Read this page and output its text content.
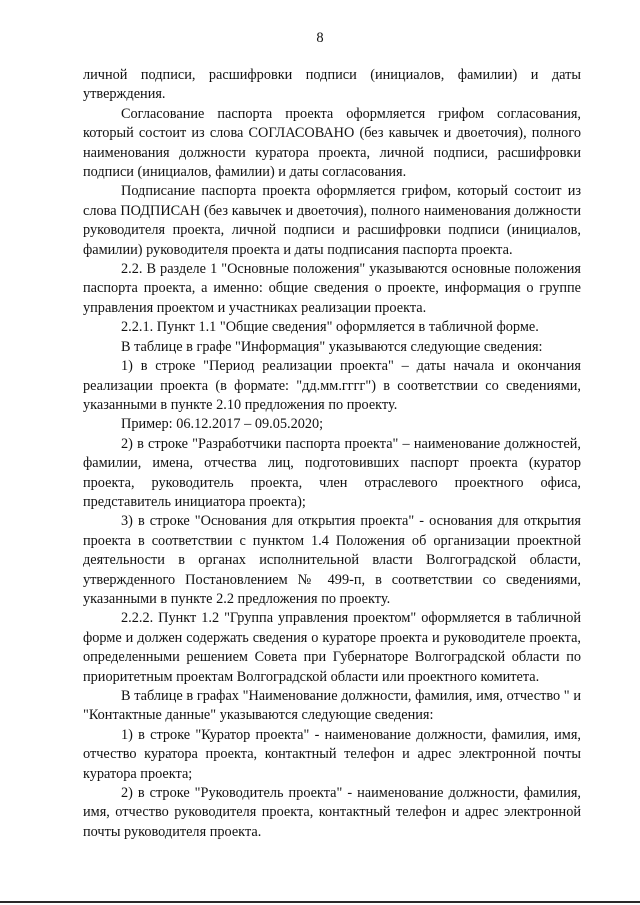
8

личной подписи, расшифровки подписи (инициалов, фамилии) и даты утверждения.

Согласование паспорта проекта оформляется грифом согласования, который состоит из слова СОГЛАСОВАНО (без кавычек и двоеточия), полного наименования должности куратора проекта, личной подписи, расшифровки подписи (инициалов, фамилии) и даты согласования.

Подписание паспорта проекта оформляется грифом, который состоит из слова ПОДПИСАН (без кавычек и двоеточия), полного наименования должности руководителя проекта, личной подписи и расшифровки подписи (инициалов, фамилии) руководителя проекта и даты подписания паспорта проекта.

2.2. В разделе 1 "Основные положения" указываются основные положения паспорта проекта, а именно: общие сведения о проекте, информация о группе управления проектом и участниках реализации проекта.

2.2.1. Пункт 1.1 "Общие сведения" оформляется в табличной форме.

В таблице в графе "Информация" указываются следующие сведения:

1) в строке "Период реализации проекта" – даты начала и окончания реализации проекта (в формате: "дд.мм.гггг") в соответствии со сведениями, указанными в пункте 2.10 предложения по проекту.

Пример: 06.12.2017 – 09.05.2020;

2) в строке "Разработчики паспорта проекта" – наименование должностей, фамилии, имена, отчества лиц, подготовивших паспорт проекта (куратор проекта, руководитель проекта, член отраслевого проектного офиса, представитель инициатора проекта);

3) в строке "Основания для открытия проекта" - основания для открытия проекта в соответствии с пунктом 1.4 Положения об организации проектной деятельности в органах исполнительной власти Волгоградской области, утвержденного Постановлением № 499-п, в соответствии со сведениями, указанными в пункте 2.2 предложения по проекту.

2.2.2. Пункт 1.2 "Группа управления проектом" оформляется в табличной форме и должен содержать сведения о кураторе проекта и руководителе проекта, определенными решением Совета при Губернаторе Волгоградской области по приоритетным проектам Волгоградской области или проектного комитета.

В таблице в графах "Наименование должности, фамилия, имя, отчество " и "Контактные данные" указываются следующие сведения:

1) в строке "Куратор проекта" - наименование должности, фамилия, имя, отчество куратора проекта, контактный телефон и адрес электронной почты куратора проекта;

2) в строке "Руководитель проекта" - наименование должности, фамилия, имя, отчество руководителя проекта, контактный телефон и адрес электронной почты руководителя проекта.
